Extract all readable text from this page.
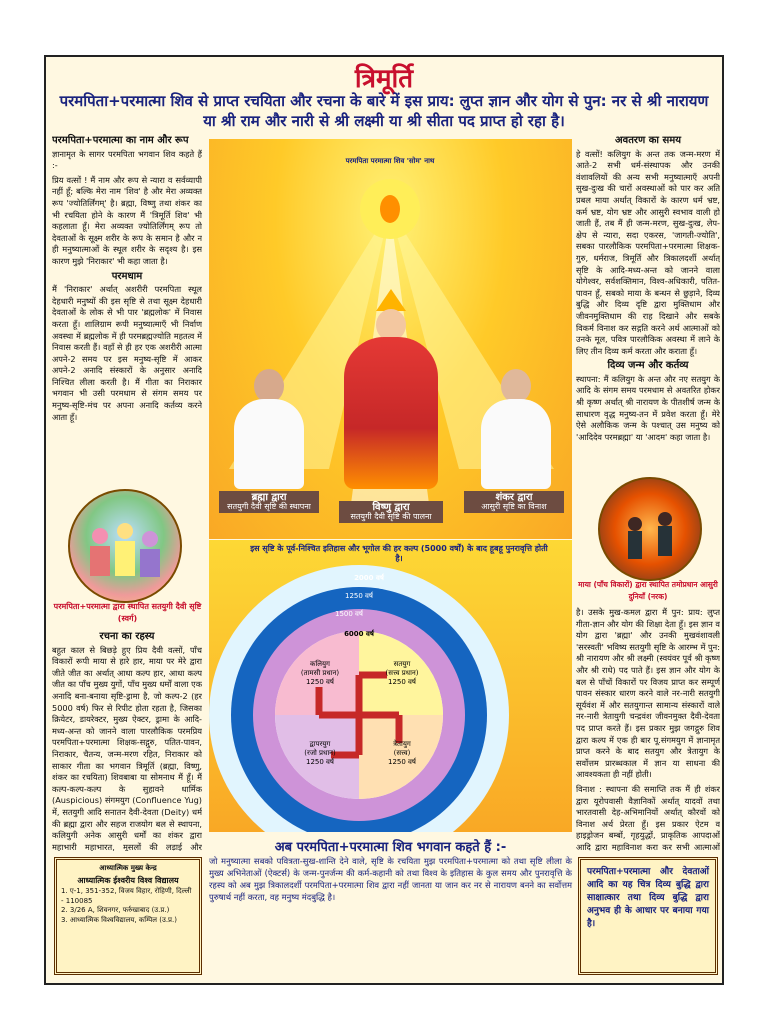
त्रिमूर्ति
परमपिता+परमात्मा शिव से प्राप्त रचयिता और रचना के बारे में इस प्राय: लुप्त ज्ञान और योग से पुन: नर से श्री नारायण या श्री राम और नारी से श्री लक्ष्मी या श्री सीता पद प्राप्त हो रहा है।
परमपिता+परमात्मा का नाम और रूप

ज्ञानामृत के सागर परमपिता भगवान शिव कहते हैं :-

प्रिय वत्सों ! मैं नाम और रूप से न्यारा व सर्वव्यापी नहीं हूँ; बल्कि मेरा नाम 'शिव' है और मेरा अव्यक्त रूप 'ज्योतिर्लिंगम्' है। ब्रह्मा, विष्णु तथा शंकर का भी रचयिता होने के कारण मैं 'त्रिमूर्ति शिव' भी कहलाता हूँ। मेरा अव्यक्त ज्योतिर्लिंगम् रूप तो देवताओं के सूक्ष्म शरीर के रूप के समान है और न ही मनुष्यात्माओं के स्थूल शरीर के सदृश्य है। इस कारण मुझे 'निराकार' भी कहा जाता है।

परमधाम

मैं 'निराकार' अर्थात् अशरीरी परमपिता स्थूल देहधारी मनुष्यों की इस सृष्टि से तथा सूक्ष्म देहधारी देवताओं के लोक से भी पार 'ब्रह्मलोक' में निवास करता हूँ। शालिग्राम रूपी मनुष्यात्माएँ भी निर्वाण अवस्था में ब्रह्मलोक में ही परमब्रह्मज्योति महतत्व में निवास करती हैं। वहाँ से ही हर एक अशरीरी आत्मा अपने-2 समय पर इस मनुष्य-सृष्टि में आकर अपने-2 अनादि संस्कारों के अनुसार अनादि निश्चित लीला करती है। मैं गीता का निराकार भगवान भी उसी परमधाम से संगम समय पर मनुष्य-सृष्टि-मंच पर अपना अनादि कर्तव्य करने आता हूँ।

परमपिता+परमात्मा द्वारा स्थापित सतयुगी दैवी सृष्टि (स्वर्ग)
रचना का रहस्य

बहुत काल से बिछड़े हुए प्रिय दैवी वत्सों, पाँच विकारों रूपी माया से हारे हार, माया पर मेरे द्वारा जीते जीत का अर्थात् आधा कल्प हार, आधा कल्प जीत का पाँच मुख्य युगों, पाँच मुख्य धर्मों वाला एक अनादि बना-बनाया सृष्टि-ड्रामा है, जो कल्प-2 (हर 5000 वर्ष) फिर से रिपीट होता रहता है, जिसका क्रियेटर, डायरेक्टर, मुख्य ऐक्टर, ड्रामा के आदि-मध्य-अन्त को जानने वाला पारलौकिक परमप्रिय परमपिता+परमात्मा शिक्षक-सद्गुरु, पतित-पावन, निराकार, चैतन्य, जन्म-मरण रहित, निराकार को साकार गीता का भगवान त्रिमूर्ति (ब्रह्मा, विष्णु, शंकर का रचयिता) शिवबाबा या सोमनाथ मैं हूँ। मैं कल्प-कल्प-कल्प के सुहावने धार्मिक (Auspicious) संगमयुग (Confluence Yug) में, सतयुगी आदि सनातन दैवी-देवता (Deity) धर्म की ब्रह्मा द्वारा और सहज राजयोग बल से स्थापना, कलियुगी अनेक आसुरी धर्मों का शंकर द्वारा महाभारी महाभारत, मूसलों की लड़ाई और

परमपिता परमात्मा शिव 'सोम' नाथ
ब्रह्मा द्वारा
सतयुगी दैवी सृष्टि की स्थापना	विष्णु द्वारा
सतयुगी दैवी सृष्टि की पालना
शंकर द्वारा
आसुरी सृष्टि का विनाश
इस सृष्टि के पूर्व-निश्चित इतिहास और भूगोल की हर कल्प (5000 वर्षों) के बाद हूबहू पुनरावृत्ति होती है।
2000 वर्ष
1250 वर्ष
1500 वर्ष
6000 वर्ष
कलियुग
(तामसी प्रधान)
1250 वर्ष
सतयुग
(सत्त्व प्रधान)
1250 वर्ष
द्वापरयुग
(रजो प्रधान)
1250 वर्ष
त्रेतायुग
(सत्त्व)
1250 वर्ष
अवतरण का समय

हे वत्सों! कलियुग के अन्त तक जन्म-मरण में आते-2 सभी धर्म-संस्थापक और उनकी वंशावलियों की अन्य सभी मनुष्यात्माएँ अपनी सुख-दुःख की चारों अवस्थाओं को पार कर अति प्रबल माया अर्थात् विकारों के कारण धर्म भ्रष्ट, कर्म भ्रष्ट, योग भ्रष्ट और आसुरी स्वभाव वाली हो जाती हैं, तब मैं ही जन्म-मरण, सुख-दुःख, लेप-क्षेप से न्यारा, सदा एकरस, 'जागती-ज्योति', सबका पारलौकिक परमपिता+परमात्मा शिक्षक-गुरु, धर्मराज, त्रिमूर्ति और त्रिकालदर्शी अर्थात् सृष्टि के आदि-मध्य-अन्त को जानने वाला योगेश्वर, सर्वशक्तिमान, विश्व-अधिकारी, पतित-पावन हूँ, सबको माया के बन्धन से छुड़ाने, दिव्य बुद्धि और दिव्य दृष्टि द्वारा मुक्तिधाम और जीवनमुक्तिधाम की राह दिखाने और सबके विकर्म विनाश कर सद्गति करने अर्थ आत्माओं को उनके मूल, पवित्र पारलौकिक अवस्था में लाने के लिए तीन दिव्य कर्म करता और कराता हूँ।

दिव्य जन्म और कर्तव्य

स्थापना: मैं कलियुग के अन्त और नए सतयुग के आदि के संगम समय परमधाम से अवतरित होकर श्री कृष्ण अर्थात् श्री नारायण के पीतशीर्ष जन्म के साधारण वृद्ध मनुष्य-तन में प्रवेश करता हूँ। मेरे ऐसे अलौकिक जन्म के पश्चात् उस मनुष्य को 'आदिदेव परमब्रह्मा' या 'आदम' कहा जाता है।

माया (पाँच विकारों) द्वारा स्थापित तमोप्रधान आसुरी दुनियाँ (नरक)

है। उसके मुख-कमल द्वारा मैं पुन: प्राय: लुप्त गीता-ज्ञान और योग की शिक्षा देता हूँ। इस ज्ञान व योग द्वारा 'ब्रह्मा' और उनकी मुखवंशावली 'सरस्वती' भविष्य सतयुगी सृष्टि के आरम्भ में पुन: श्री नारायण और श्री लक्ष्मी (स्वयंवर पूर्व श्री कृष्ण और श्री राधे) पद पाते हैं। इस ज्ञान और योग के बल से पाँचों विकारों पर विजय प्राप्त कर सम्पूर्ण पावन संस्कार धारण करने वाले नर-नारी सतयुगी सूर्यवंश में और सतयुगान्त सामान्य संस्कारों वाले नर-नारी त्रेतायुगी चन्द्रवंश जीवनमुक्त दैवी-देवता पद प्राप्त करते हैं। इस प्रकार मुझ जगद्गुरु शिव द्वारा कल्प में एक ही बार पू.संगमयुग में ज्ञानामृत प्राप्त करने के बाद सतयुग और त्रेतायुग के सर्वोत्तम प्रारब्धकाल में ज्ञान या साधना की आवश्यकता ही नहीं होती।

विनाश : स्थापना की समाप्ति तक मैं ही शंकर द्वारा यूरोपवासी वैज्ञानिकों अर्थात् यादवों तथा भारतवासी देह-अभिमानियों अर्थात् कौरवों को विनाश अर्थ प्रेरता हूँ। इस प्रकार ऐटम व हाइड्रोजन बम्बों, गृहयुद्धों, प्राकृतिक आपदाओं आदि द्वारा महाविनाश करा कर सभी आत्माओं

अब परमपिता+परमात्मा शिव भगवान कहते हैं :-
जो मनुष्यात्मा सबको पवित्रता-सुख-शान्ति देने वाले, सृष्टि के रचयिता मुझ परमपिता+परमात्मा को तथा सृष्टि लीला के मुख्य अभिनेताओं (ऐक्टर्स) के जन्म-पुनर्जन्म की कर्म-कहानी को तथा विश्व के इतिहास के कुल समय और पुनरावृत्ति के रहस्य को अब मुझ त्रिकालदर्शी परमपिता+परमात्मा शिव द्वारा नहीं जानता या जान कर नर से नारायण बनने का सर्वोत्तम पुरुषार्थ नहीं करता, वह मनुष्य मंदबुद्धि है।
आध्यात्मिक मुख्य केन्द्र
आध्यात्मिक ईश्वरीय विश्व विद्यालय
1. ए-1, 351-352, विजय विहार, रोहिणी, दिल्ली - 110085
2. 3/26 A, शिवनगर, फर्रुखाबाद (उ.प्र.)
3. आध्यात्मिक विश्वविद्यालय, कम्पिल (उ.प्र.)
परमपिता+परमात्मा और देवताओं आदि का यह चित्र दिव्य बुद्धि द्वारा साक्षात्कार तथा दिव्य बुद्धि द्वारा अनुभव ही के आधार पर बनाया गया है।
